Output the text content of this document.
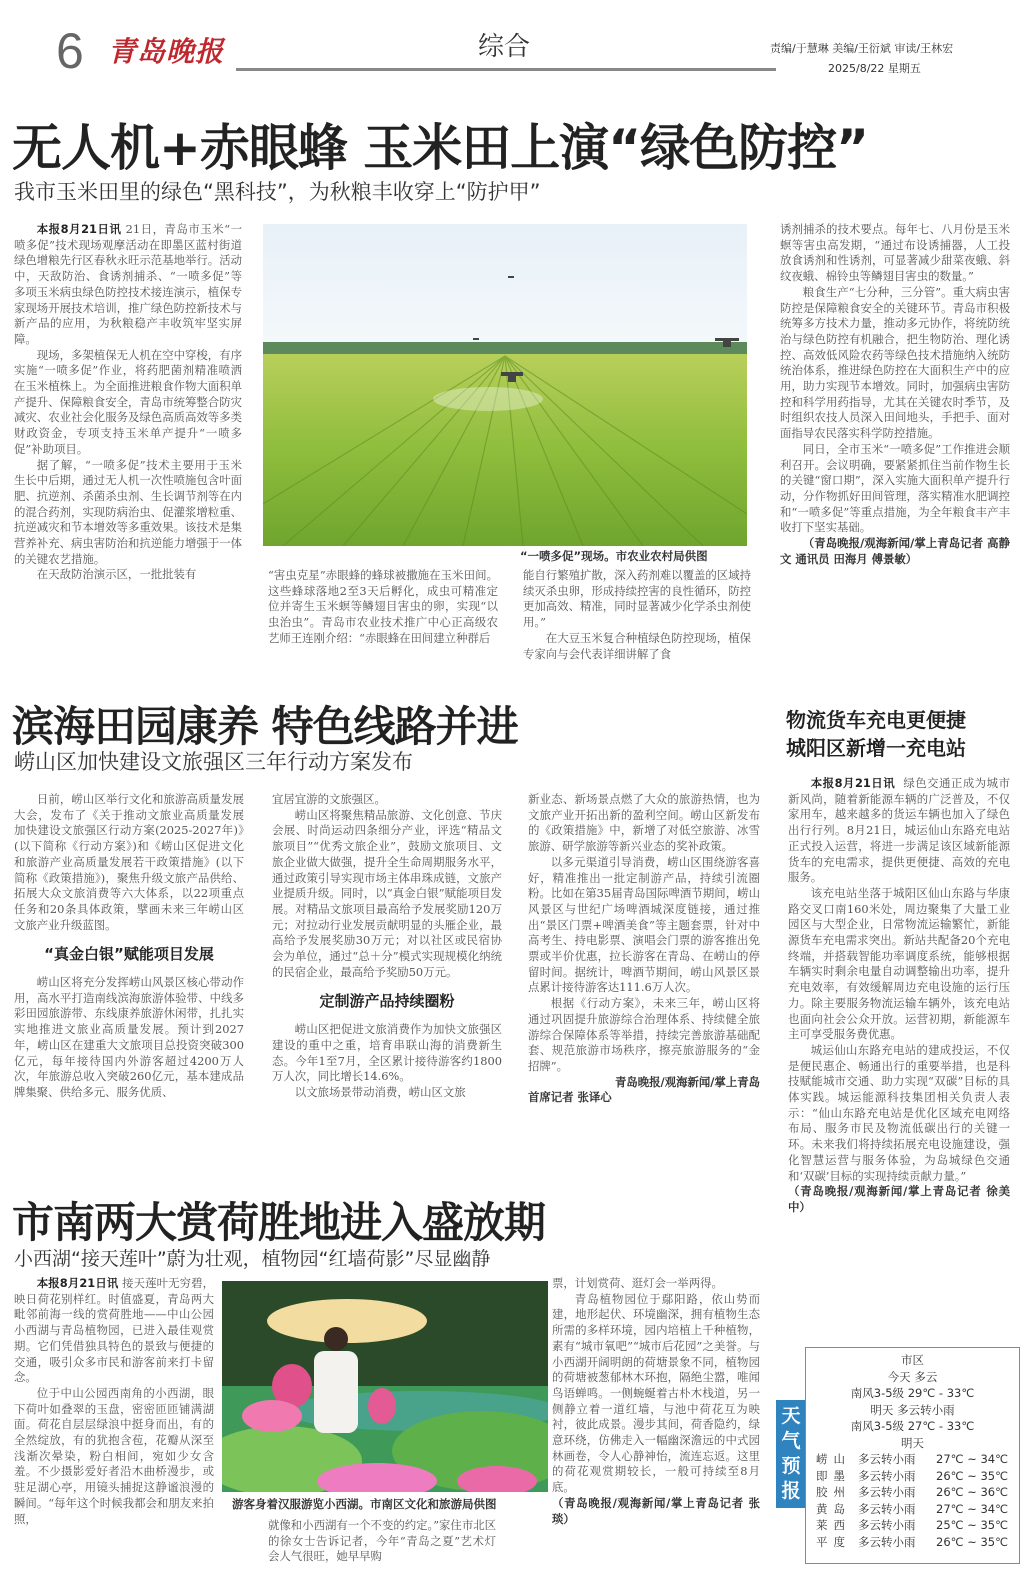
6 青岛晚报	综合	责编/于慧琳 美编/王衍斌 审读/王林宏
2025/8/22 星期五
无人机+赤眼蜂 玉米田上演“绿色防控”
我市玉米田里的绿色“黑科技”，为秋粮丰收穿上“防护甲”

本报8月21日讯 21日，青岛市玉米“一喷多促”技术现场观摩活动在即墨区蓝村街道绿色增粮先行区春秋永旺示范基地举行。活动中，天敌防治、食诱剂捕杀、“一喷多促”等多项玉米病虫绿色防控技术接连演示，植保专家现场开展技术培训，推广绿色防控新技术与新产品的应用，为秋粮稳产丰收筑牢坚实屏障。

现场，多架植保无人机在空中穿梭，有序实施“一喷多促”作业，将药肥菌剂精准喷洒在玉米植株上。为全面推进粮食作物大面积单产提升、保障粮食安全，青岛市统筹整合防灾减灾、农业社会化服务及绿色高质高效等多类财政资金，专项支持玉米单产提升“一喷多促”补助项目。

据了解，“一喷多促”技术主要用于玉米生长中后期，通过无人机一次性喷施包含叶面肥、抗逆剂、杀菌杀虫剂、生长调节剂等在内的混合药剂，实现防病治虫、促灌浆增粒重、抗逆减灾和节本增效等多重效果。该技术是集营养补充、病虫害防治和抗逆能力增强于一体的关键农艺措施。

在天敌防治演示区，一批批装有

“一喷多促”现场。市农业农村局供图

“害虫克星”赤眼蜂的蜂球被撒施在玉米田间。这些蜂球落地2至3天后孵化，成虫可精准定位并寄生玉米螟等鳞翅目害虫的卵，实现“以虫治虫”。青岛市农业技术推广中心正高级农艺师王连刚介绍：“赤眼蜂在田间建立种群后

能自行繁殖扩散，深入药剂难以覆盖的区域持续灭杀虫卵，形成持续控害的良性循环，防控更加高效、精准，同时显著减少化学杀虫剂使用。”

在大豆玉米复合种植绿色防控现场，植保专家向与会代表详细讲解了食

诱剂捕杀的技术要点。每年七、八月份是玉米螟等害虫高发期，“通过布设诱捕器，人工投放食诱剂和性诱剂，可显著减少甜菜夜蛾、斜纹夜蛾、棉铃虫等鳞翅目害虫的数量。”

粮食生产“七分种，三分管”。重大病虫害防控是保障粮食安全的关键环节。青岛市积极统筹多方技术力量，推动多元协作，将统防统治与绿色防控有机融合，把生物防治、理化诱控、高效低风险农药等绿色技术措施纳入统防统治体系，推进绿色防控在大面积生产中的应用，助力实现节本增效。同时，加强病虫害防控和科学用药指导，尤其在关键农时季节，及时组织农技人员深入田间地头，手把手、面对面指导农民落实科学防控措施。

同日，全市玉米“一喷多促”工作推进会顺利召开。会议明确，要紧紧抓住当前作物生长的关键“窗口期”，深入实施大面积单产提升行动，分作物抓好田间管理，落实精准水肥调控和“一喷多促”等重点措施，为全年粮食丰产丰收打下坚实基础。

（青岛晚报/观海新闻/掌上青岛记者 高静文 通讯员 田海月 傅景敏）

滨海田园康养 特色线路并进
崂山区加快建设文旅强区三年行动方案发布

日前，崂山区举行文化和旅游高质量发展大会，发布了《关于推动文旅业高质量发展 加快建设文旅强区行动方案(2025-2027年)》(以下简称《行动方案》)和《崂山区促进文化和旅游产业高质量发展若干政策措施》(以下简称《政策措施》)，聚焦升级文旅产品供给、拓展大众文旅消费等六大体系，以22项重点任务和20条具体政策，擘画未来三年崂山区文旅产业升级蓝图。

“真金白银”赋能项目发展

崂山区将充分发挥崂山风景区核心带动作用，高水平打造南线滨海旅游体验带、中线多彩田园旅游带、东线康养旅游休闲带，扎扎实实地推进文旅业高质量发展。预计到2027年，崂山区在建重大文旅项目总投资突破300亿元，每年接待国内外游客超过4200万人次，年旅游总收入突破260亿元，基本建成品牌集聚、供给多元、服务优质、

宜居宜游的文旅强区。

崂山区将聚焦精品旅游、文化创意、节庆会展、时尚运动四条细分产业，评选“精品文旅项目”“优秀文旅企业”，鼓励文旅项目、文旅企业做大做强，提升全生命周期服务水平，通过政策引导实现市场主体串珠成链，文旅产业提质升级。同时，以“真金白银”赋能项目发展。对精品文旅项目最高给予发展奖励120万元；对拉动行业发展贡献明显的头雁企业，最高给予发展奖励30万元；对以社区或民宿协会为单位，通过“总＋分”模式实现规模化纳统的民宿企业，最高给予奖励50万元。

定制游产品持续圈粉

崂山区把促进文旅消费作为加快文旅强区建设的重中之重，培育串联山海的消费新生态。今年1至7月，全区累计接待游客约1800万人次，同比增长14.6%。

以文旅场景带动消费，崂山区文旅

新业态、新场景点燃了大众的旅游热情，也为文旅产业开拓出新的盈利空间。崂山区新发布的《政策措施》中，新增了对低空旅游、冰雪旅游、研学旅游等新兴业态的奖补政策。

以多元渠道引导消费，崂山区围绕游客喜好，精准推出一批定制游产品，持续引流圈粉。比如在第35届青岛国际啤酒节期间，崂山风景区与世纪广场啤酒城深度链接，通过推出“景区门票+啤酒美食”等主题套票，针对中高考生、持电影票、演唱会门票的游客推出免票或半价优惠，拉长游客在青岛、在崂山的停留时间。据统计，啤酒节期间，崂山风景区景点累计接待游客达111.6万人次。

根据《行动方案》，未来三年，崂山区将通过巩固提升旅游综合治理体系、持续健全旅游综合保障体系等举措，持续完善旅游基础配套、规范旅游市场秩序，擦亮旅游服务的“金招牌”。

青岛晚报/观海新闻/掌上青岛

首席记者 张译心

物流货车充电更便捷
城阳区新增一充电站

本报8月21日讯 绿色交通正成为城市新风尚，随着新能源车辆的广泛普及，不仅家用车，越来越多的货运车辆也加入了绿色出行行列。8月21日，城运仙山东路充电站正式投入运营，将进一步满足该区域新能源货车的充电需求，提供更便捷、高效的充电服务。

该充电站坐落于城阳区仙山东路与华康路交叉口南160米处，周边聚集了大量工业园区与大型企业，日常物流运输繁忙，新能源货车充电需求突出。新站共配备20个充电终端，并搭载智能功率调度系统，能够根据车辆实时剩余电量自动调整输出功率，提升充电效率，有效缓解周边充电设施的运行压力。除主要服务物流运输车辆外，该充电站也面向社会公众开放。运营初期，新能源车主可享受服务费优惠。

城运仙山东路充电站的建成投运，不仅是便民惠企、畅通出行的重要举措，也是科技赋能城市交通、助力实现“双碳”目标的具体实践。城运能源科技集团相关负责人表示：“仙山东路充电站是优化区域充电网络布局、服务市民及物流低碳出行的关键一环。未来我们将持续拓展充电设施建设，强化智慧运营与服务体验，为岛城绿色交通和‘双碳’目标的实现持续贡献力量。”

（青岛晚报/观海新闻/掌上青岛记者 徐美中）

市南两大赏荷胜地进入盛放期
小西湖“接天莲叶”蔚为壮观，植物园“红墙荷影”尽显幽静

本报8月21日讯 接天莲叶无穷碧，映日荷花别样红。时值盛夏，青岛两大毗邻前海一线的赏荷胜地——中山公园小西湖与青岛植物园，已进入最佳观赏期。它们凭借独具特色的景致与便捷的交通，吸引众多市民和游客前来打卡留念。

位于中山公园西南角的小西湖，眼下荷叶如叠翠的玉盘，密密匝匝铺满湖面。荷花自层层绿浪中挺身而出，有的全然绽放，有的犹抱含苞，花瓣从深至浅渐次晕染，粉白相间，宛如少女含羞。不少摄影爱好者沿木曲桥漫步，或驻足湖心亭，用镜头捕捉这静谧浪漫的瞬间。“每年这个时候我都会和朋友来拍照，

游客身着汉服游览小西湖。市南区文化和旅游局供图

就像和小西湖有一个不变的约定。”家住市北区的徐女士告诉记者，今年“青岛之夏”艺术灯会人气很旺，她早早购

票，计划赏荷、逛灯会一举两得。

青岛植物园位于鄢阳路，依山势而建，地形起伏、环境幽深，拥有植物生态所需的多样环境，园内培植上千种植物，素有“城市氧吧”“城市后花园”之美誉。与小西湖开阔明朗的荷塘景象不同，植物园的荷塘被葱郁林木环抱，隔绝尘嚣，唯闻鸟语蝉鸣。一侧蜿蜒着古朴木栈道，另一侧静立着一道红墙，与池中荷花互为映衬，彼此成景。漫步其间，荷香隐约，绿意环绕，仿佛走入一幅幽深澹远的中式园林画卷，令人心静神怡，流连忘返。这里的荷花观赏期较长，一般可持续至8月底。

（青岛晚报/观海新闻/掌上青岛记者 张琰）

天气预报
市区
今天 多云
南风3-5级 29℃ - 33℃
明天 多云转小雨
南风3-5级 27℃ - 33℃
明天
崂山 多云转小雨	27℃ ~ 34℃
即墨 多云转小雨	26℃ ~ 35℃
胶州 多云转小雨	26℃ ~ 36℃
黄岛 多云转小雨	27℃ ~ 34℃
莱西 多云转小雨	25℃ ~ 35℃
平度 多云转小雨	26℃ ~ 35℃
